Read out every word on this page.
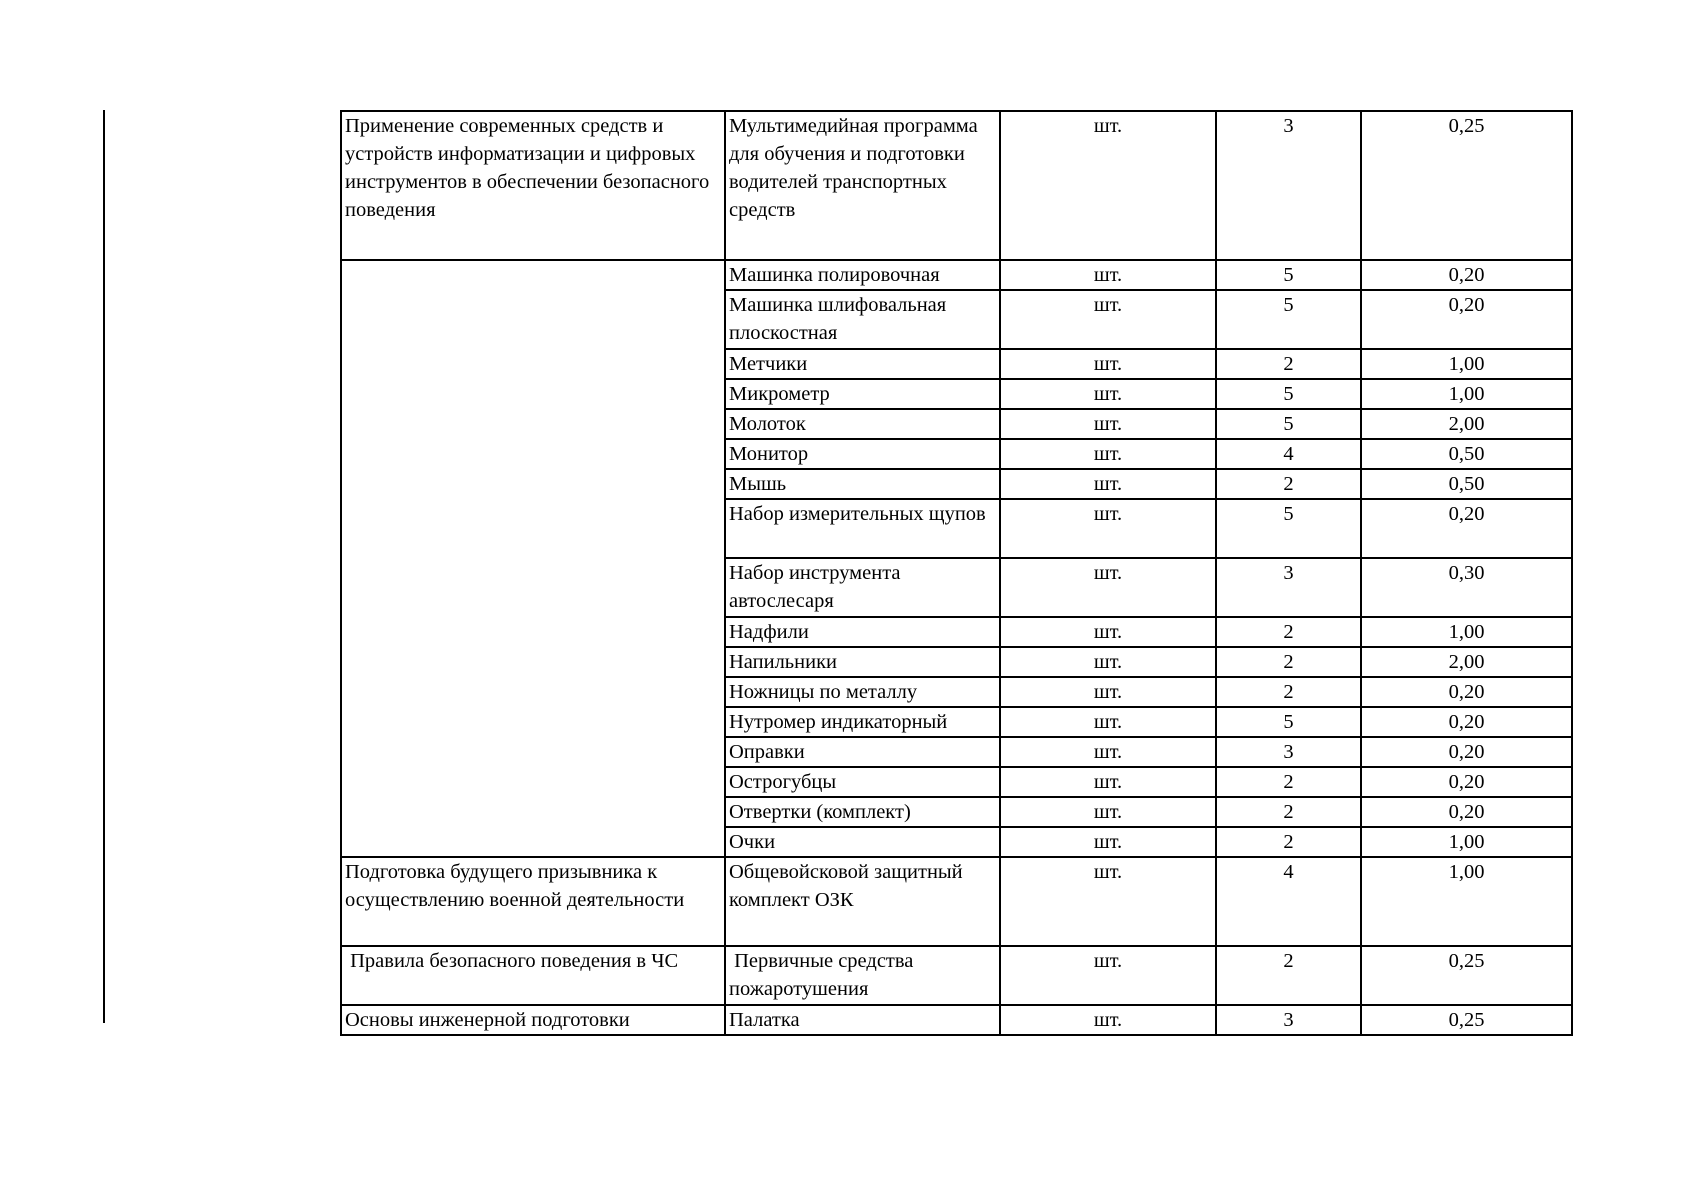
Применение современных средств и устройств информатизации и цифровых инструментов в обеспечении безопасного поведения	Мультимедийная программа для обучения и подготовки водителей транспортных средств	шт.	3	0,25
	Машинка полировочная	шт.	5	0,20
	Машинка шлифовальная плоскостная	шт.	5	0,20
	Метчики	шт.	2	1,00
	Микрометр	шт.	5	1,00
	Молоток	шт.	5	2,00
	Монитор	шт.	4	0,50
	Мышь	шт.	2	0,50
	Набор измерительных щупов	шт.	5	0,20
	Набор инструмента автослесаря	шт.	3	0,30
	Надфили	шт.	2	1,00
	Напильники	шт.	2	2,00
	Ножницы по металлу	шт.	2	0,20
	Нутромер индикаторный	шт.	5	0,20
	Оправки	шт.	3	0,20
	Острогубцы	шт.	2	0,20
	Отвертки (комплект)	шт.	2	0,20
	Очки	шт.	2	1,00
Подготовка будущего призывника к осуществлению военной деятельности	Общевойсковой защитный комплект ОЗК	шт.	4	1,00
Правила безопасного поведения в ЧС	Первичные средства пожаротушения	шт.	2	0,25
Основы инженерной подготовки	Палатка	шт.	3	0,25
